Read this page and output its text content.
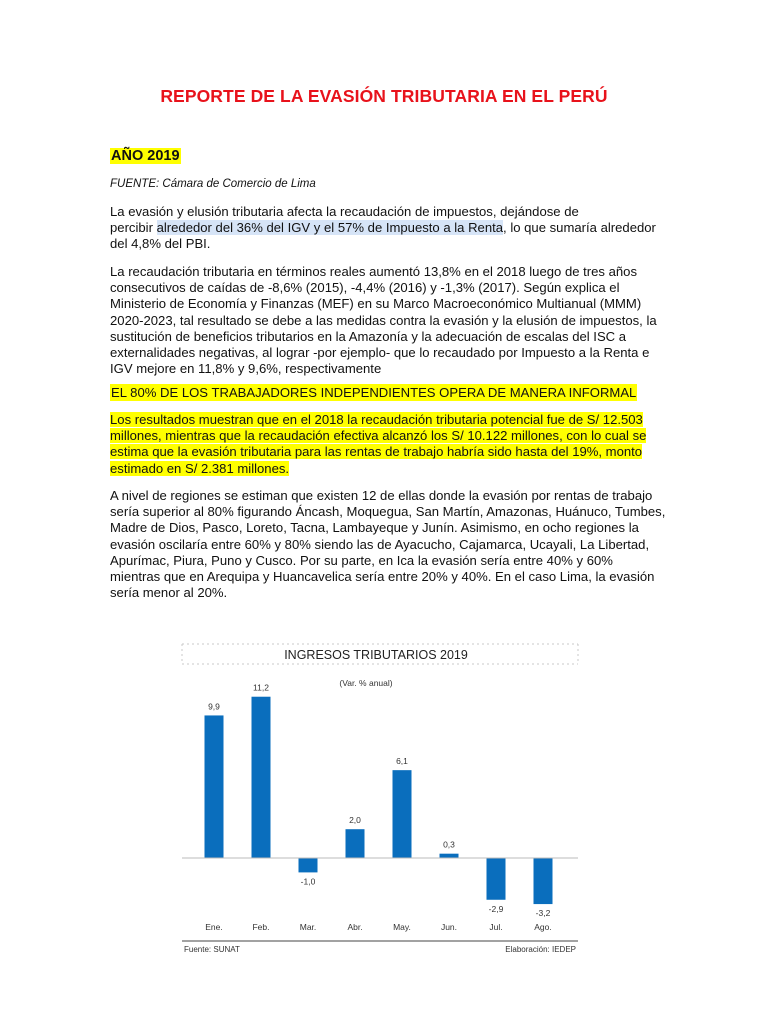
REPORTE DE LA EVASIÓN TRIBUTARIA EN EL PERÚ
AÑO 2019
FUENTE: Cámara de Comercio de Lima
La evasión y elusión tributaria afecta la recaudación de impuestos, dejándose de
percibir alrededor del 36% del IGV y el 57% de Impuesto a la Renta, lo que sumaría alrededor
del 4,8% del PBI.
La recaudación tributaria en términos reales aumentó 13,8% en el 2018 luego de tres años
consecutivos de caídas de -8,6% (2015), -4,4% (2016) y -1,3% (2017). Según explica el
Ministerio de Economía y Finanzas (MEF) en su Marco Macroeconómico Multianual (MMM)
2020-2023, tal resultado se debe a las medidas contra la evasión y la elusión de impuestos, la
sustitución de beneficios tributarios en la Amazonía y la adecuación de escalas del ISC a
externalidades negativas, al lograr -por ejemplo- que lo recaudado por Impuesto a la Renta e
IGV mejore en 11,8% y 9,6%, respectivamente
EL 80% DE LOS TRABAJADORES INDEPENDIENTES OPERA DE MANERA INFORMAL
Los resultados muestran que en el 2018 la recaudación tributaria potencial fue de S/ 12.503
millones, mientras que la recaudación efectiva alcanzó los S/ 10.122 millones, con lo cual se
estima que la evasión tributaria para las rentas de trabajo habría sido hasta del 19%, monto
estimado en S/ 2.381 millones.
A nivel de regiones se estiman que existen 12 de ellas donde la evasión por rentas de trabajo
sería superior al 80% figurando Áncash, Moquegua, San Martín, Amazonas, Huánuco, Tumbes,
Madre de Dios, Pasco, Loreto, Tacna, Lambayeque y Junín. Asimismo, en ocho regiones la
evasión oscilaría entre 60% y 80% siendo las de Ayacucho, Cajamarca, Ucayali, La Libertad,
Apurímac, Piura, Puno y Cusco. Por su parte, en Ica la evasión sería entre 40% y 60%
mientras que en Arequipa y Huancavelica sería entre 20% y 40%. En el caso Lima, la evasión
sería menor al 20%.
INGRESOS TRIBUTARIOS 2019
(Var. % anual)
9,9
Ene.
11,2
Feb.
-1,0
Mar.
2,0
Abr.
6,1
May.
0,3
Jun.
-2,9
Jul.
-3,2
Ago.
Fuente: SUNAT	Elaboración: IEDEP
